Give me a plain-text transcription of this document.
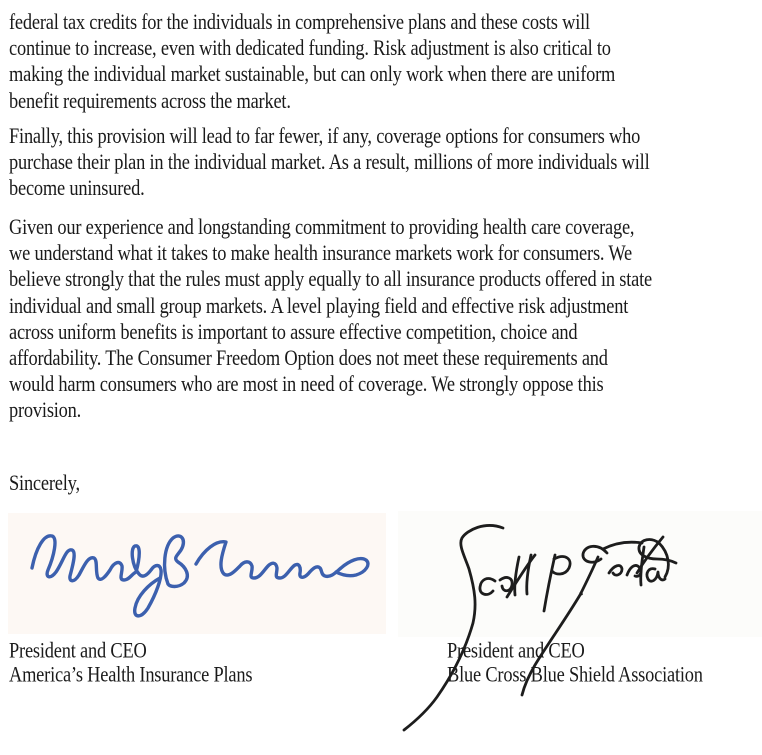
federal tax credits for the individuals in comprehensive plans and these costs will
continue to increase, even with dedicated funding. Risk adjustment is also critical to
making the individual market sustainable, but can only work when there are uniform
benefit requirements across the market.
Finally, this provision will lead to far fewer, if any, coverage options for consumers who
purchase their plan in the individual market. As a result, millions of more individuals will
become uninsured.
Given our experience and longstanding commitment to providing health care coverage,
we understand what it takes to make health insurance markets work for consumers. We
believe strongly that the rules must apply equally to all insurance products offered in state
individual and small group markets. A level playing field and effective risk adjustment
across uniform benefits is important to assure effective competition, choice and
affordability. The Consumer Freedom Option does not meet these requirements and
would harm consumers who are most in need of coverage. We strongly oppose this
provision.
Sincerely,
President and CEO
America’s Health Insurance Plans
President and CEO
Blue Cross Blue Shield Association
